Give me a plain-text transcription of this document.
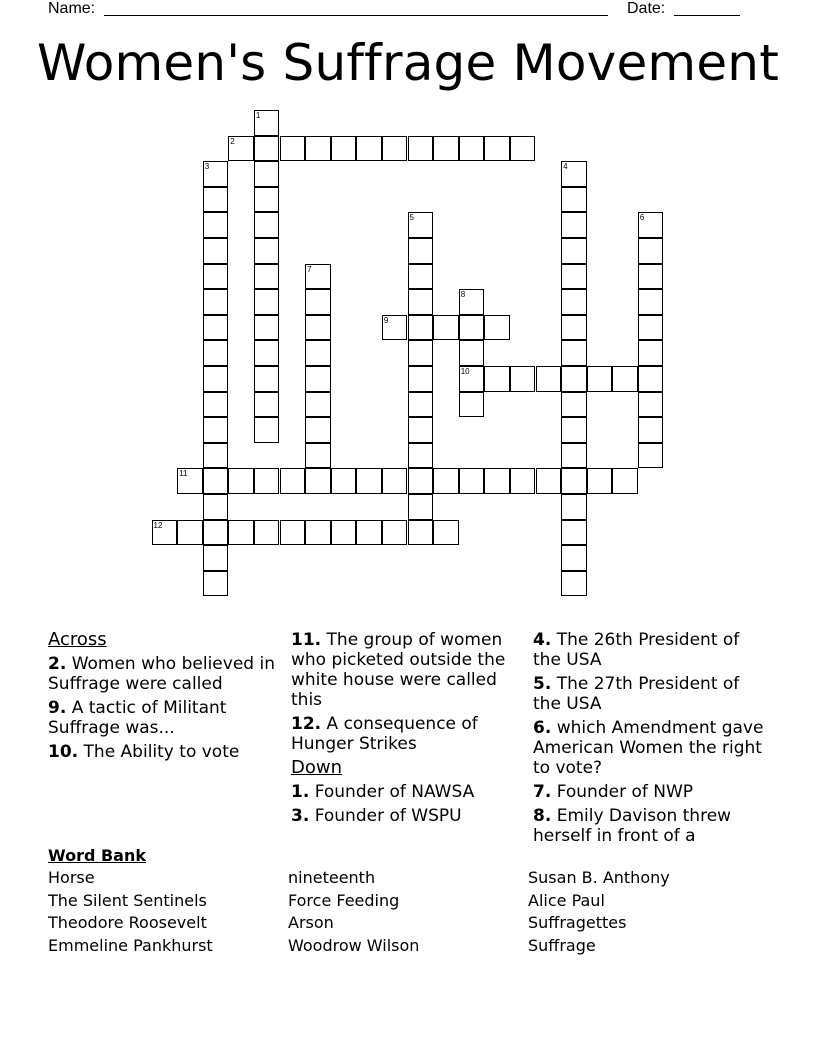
Name:	Date:
Women's Suffrage Movement
1
2
3	4
5	6
7
8
9
10
11
12
Across
2. Women who believed in Suffrage were called
9. A tactic of Militant Suffrage was...
10. The Ability to vote
11. The group of women who picketed outside the white house were called this
12. A consequence of Hunger Strikes
Down
1. Founder of NAWSA
3. Founder of WSPU
4. The 26th President of the USA
5. The 27th President of the USA
6. which Amendment gave American Women the right to vote?
7. Founder of NWP
8. Emily Davison threw herself in front of a
Word Bank
Horse
The Silent Sentinels
Theodore Roosevelt
Emmeline Pankhurst
nineteenth
Force Feeding
Arson
Woodrow Wilson
Susan B. Anthony
Alice Paul
Suffragettes
Suffrage
